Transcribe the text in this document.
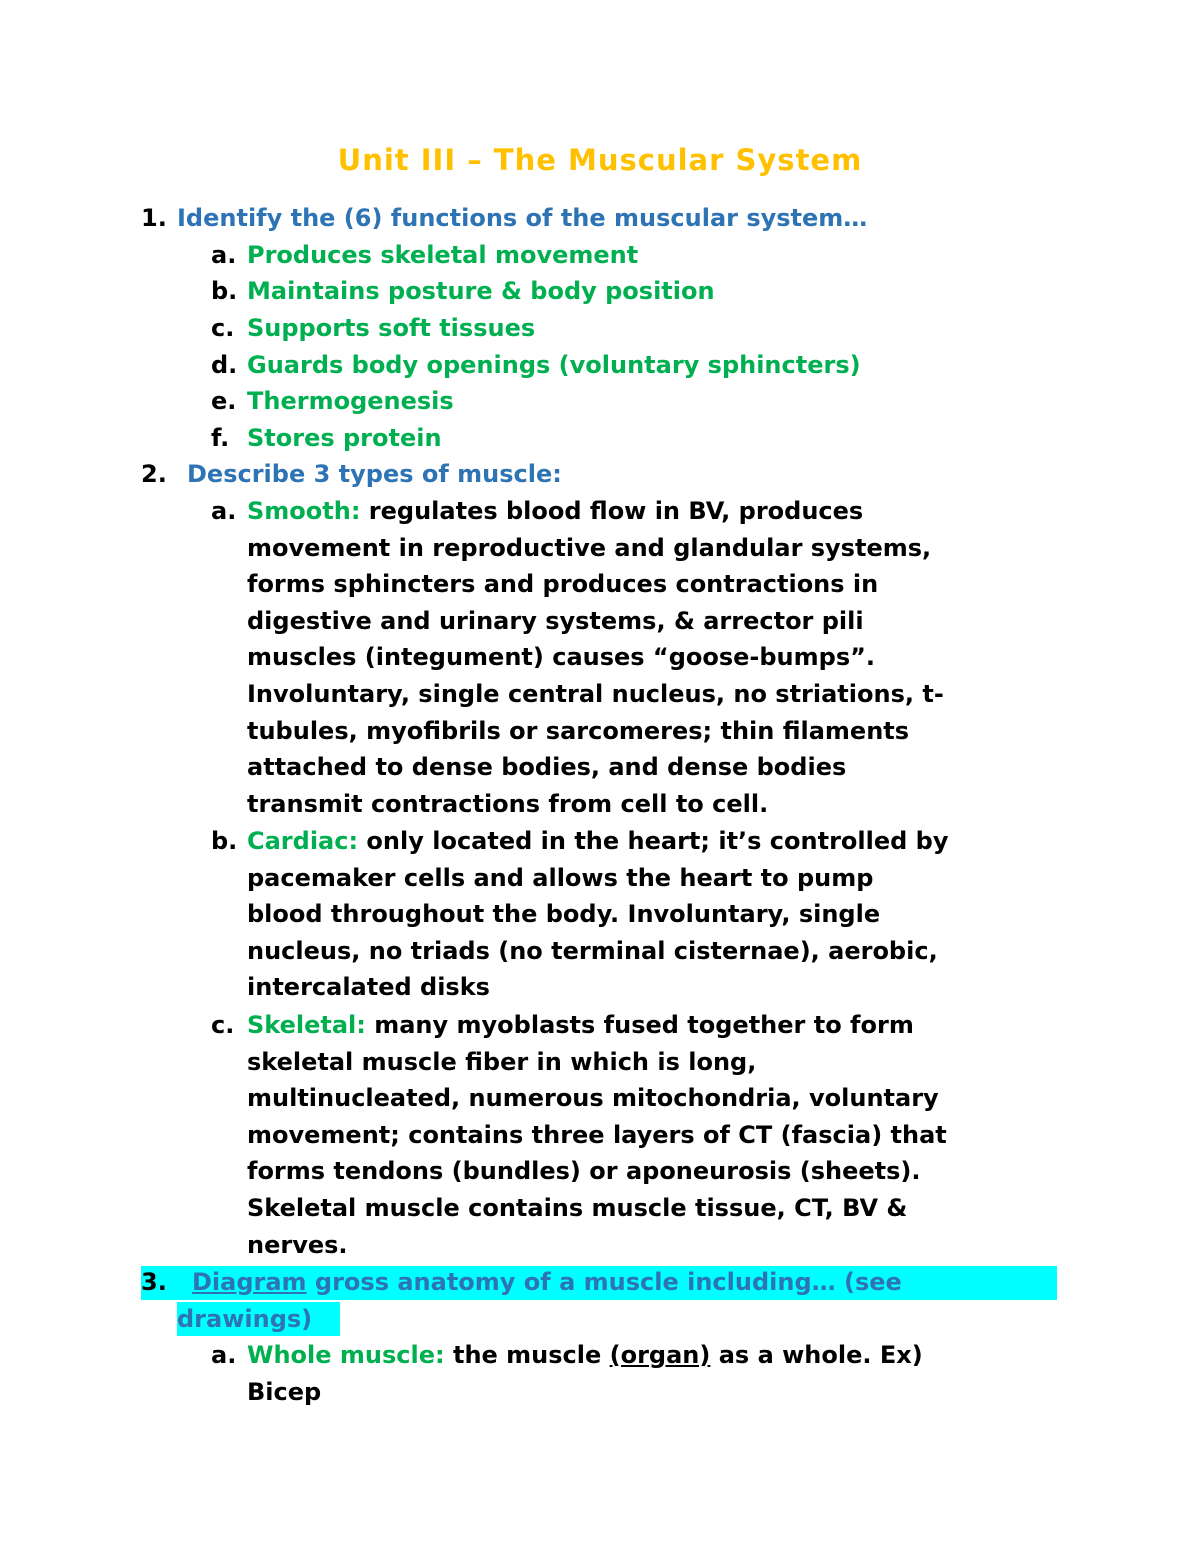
Unit III – The Muscular System
1. Identify the (6) functions of the muscular system…
a. Produces skeletal movement
b. Maintains posture & body position
c. Supports soft tissues
d. Guards body openings (voluntary sphincters)
e. Thermogenesis
f. Stores protein
2. Describe 3 types of muscle:
a. Smooth: regulates blood flow in BV, produces

movement in reproductive and glandular systems,

forms sphincters and produces contractions in

digestive and urinary systems, & arrector pili

muscles (integument) causes “goose-bumps”.

Involuntary, single central nucleus, no striations, t-

tubules, myofibrils or sarcomeres; thin filaments

attached to dense bodies, and dense bodies

transmit contractions from cell to cell.

b. Cardiac: only located in the heart; it’s controlled by

pacemaker cells and allows the heart to pump

blood throughout the body. Involuntary, single

nucleus, no triads (no terminal cisternae), aerobic,

intercalated disks

c. Skeletal: many myoblasts fused together to form

skeletal muscle fiber in which is long,

multinucleated, numerous mitochondria, voluntary

movement; contains three layers of CT (fascia) that

forms tendons (bundles) or aponeurosis (sheets).

Skeletal muscle contains muscle tissue, CT, BV &

nerves.

3.	Diagram gross anatomy of a muscle including… (see

drawings)
a. Whole muscle: the muscle (organ) as a whole. Ex)

Bicep
